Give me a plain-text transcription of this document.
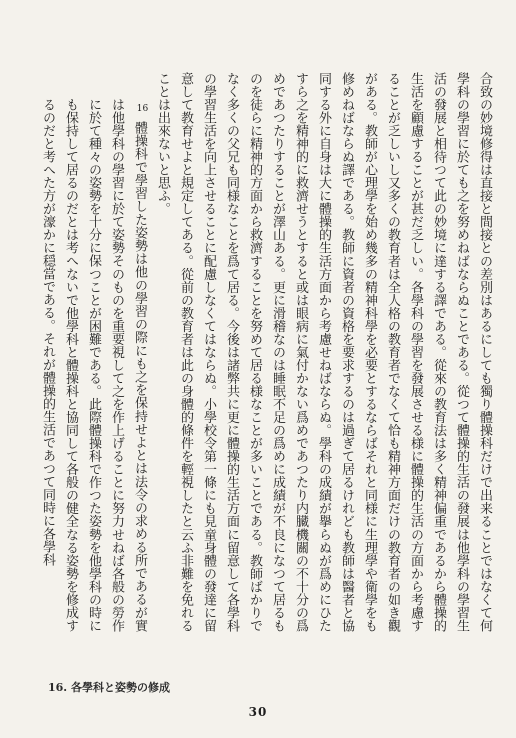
合致の妙境修得は直接と間接との差別はあるにしても獨り體操科だけで出来ることではなくて何學科の學習に於ても之を努めねばならぬことである。從つて體操的生活の發展は他學科の學習生活の發展と相待つて此の妙境に達する譯である。從來の教育法は多く精神偏重であるから體操的生活を顧慮することが甚だ乏しい。各學科の學習を發展させる様に體操的生活の方面から考慮することが乏しいし又多くの教育者は全人格の教育者でなくて恰も精神方面だけの教育者の如き觀がある。教師が心理學を始め幾多の精神科學を必要とするならばそれと同様に生理學や衛學をも修めねばならぬ譯である。教師に資者の資格を要求するのは過ぎて居るけれども教師は醫者と協同する外に自身は大に體操的生活方面から考慮せねばならぬ。學科の成績が擧らぬが爲めにひたすら之を精神的に救濟せうとすると或は眼病に氣付かない爲めであつたり内臓機關の不十分の爲めであつたりすることが澤山ある。更に滑稽なのは睡眠不足の爲めに成績が不良になつて居るものを徒らに精神的方面から救濟することを努めて居る様なことが多いことである。教師ばかりでなく多くの父兄も同様なことを爲て居る。今後は諸弊共に更に體操的生活方面に留意して各學科の學習生活を向上させることに配慮しなくてはならぬ。小學校令第一條にも見童身體の發達に留意して教育せよと規定してある。從前の教育者は此の身體的條件を輕視したと云ふ非難を免れることは出來ないと思ふ。

16體操科で學習した姿勢は他の學習の際にも之を保持せよとは法令の求める所であるが實は他學科の學習に於て姿勢そのものを重要視して之を作上げることに努力せねば各般の勞作に於て種々の姿勢を十分に保つことが困難である。此際體操科で作つた姿勢を他學科の時にも保持して居るのだとは考へないで他學科と體操科と協同して各般の健全なる姿勢を修成するのだと考へた方が濠かに穏當である。それが體操的生活であつて同時に各學科

16. 各學科と姿勢の修成
30
